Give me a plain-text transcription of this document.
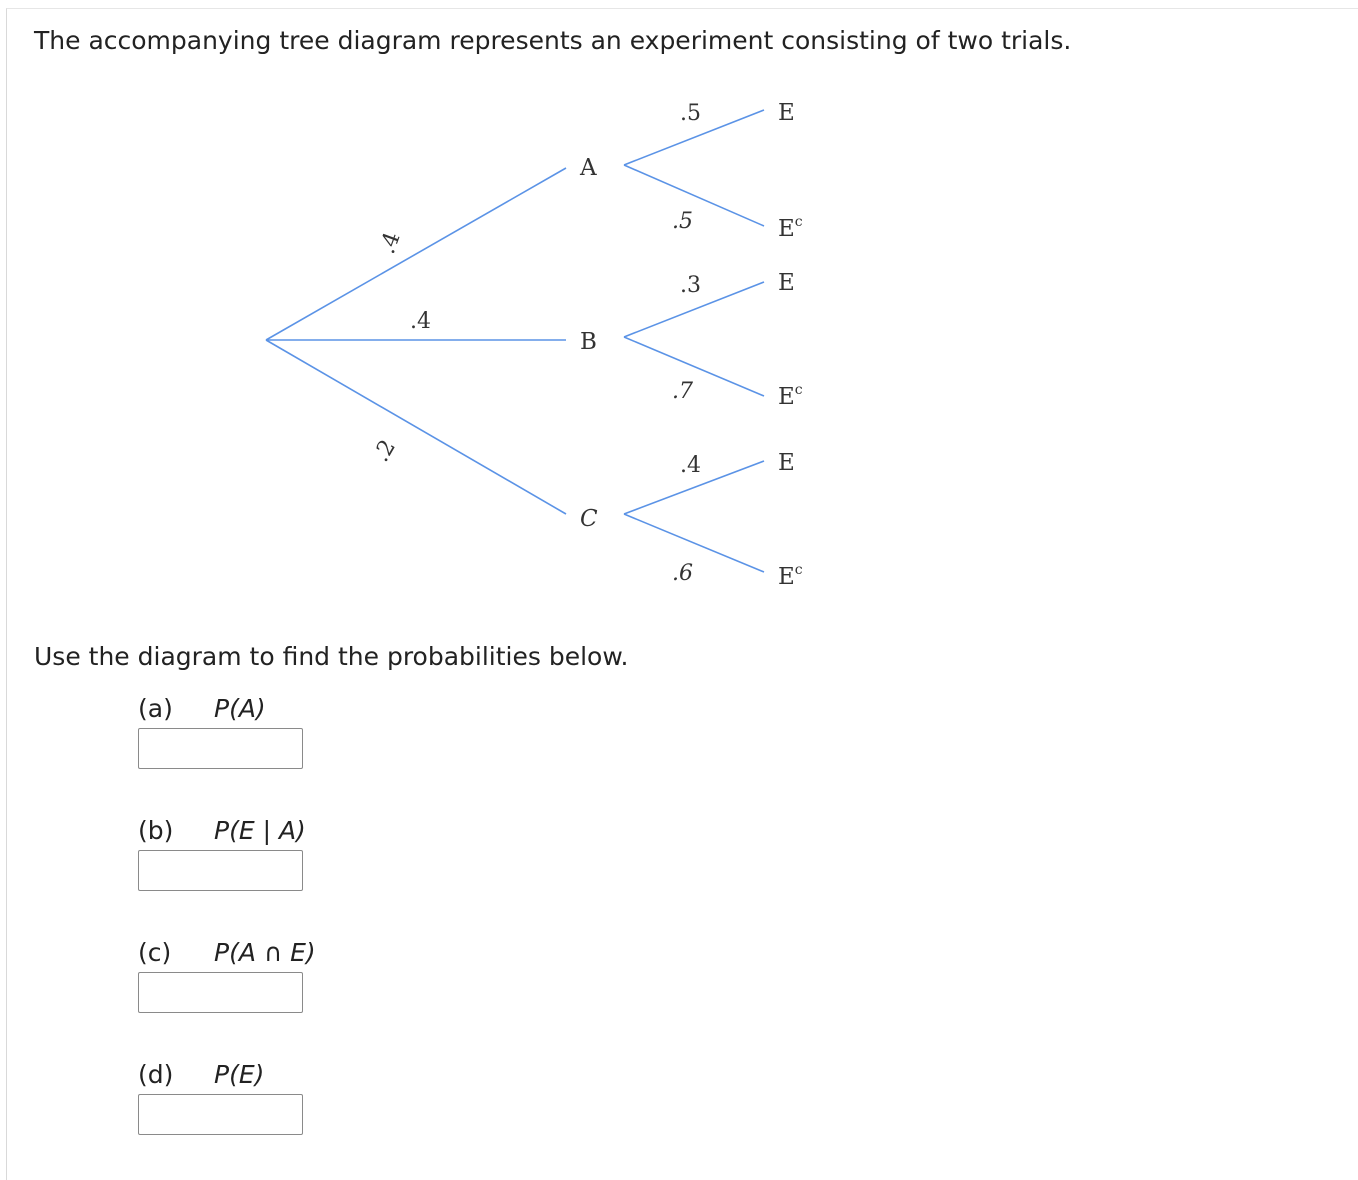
The accompanying tree diagram represents an experiment consisting of two trials.
.4
.4
.2
A
B
C
.5
.5
.3
.7
.4
.6
E
$E^c$
E
$E^c$
E
$E^c$
Use the diagram to find the probabilities below.
(a) P(A)
(b) P(E | A)
(c) P(A ∩ E)
(d) P(E)
